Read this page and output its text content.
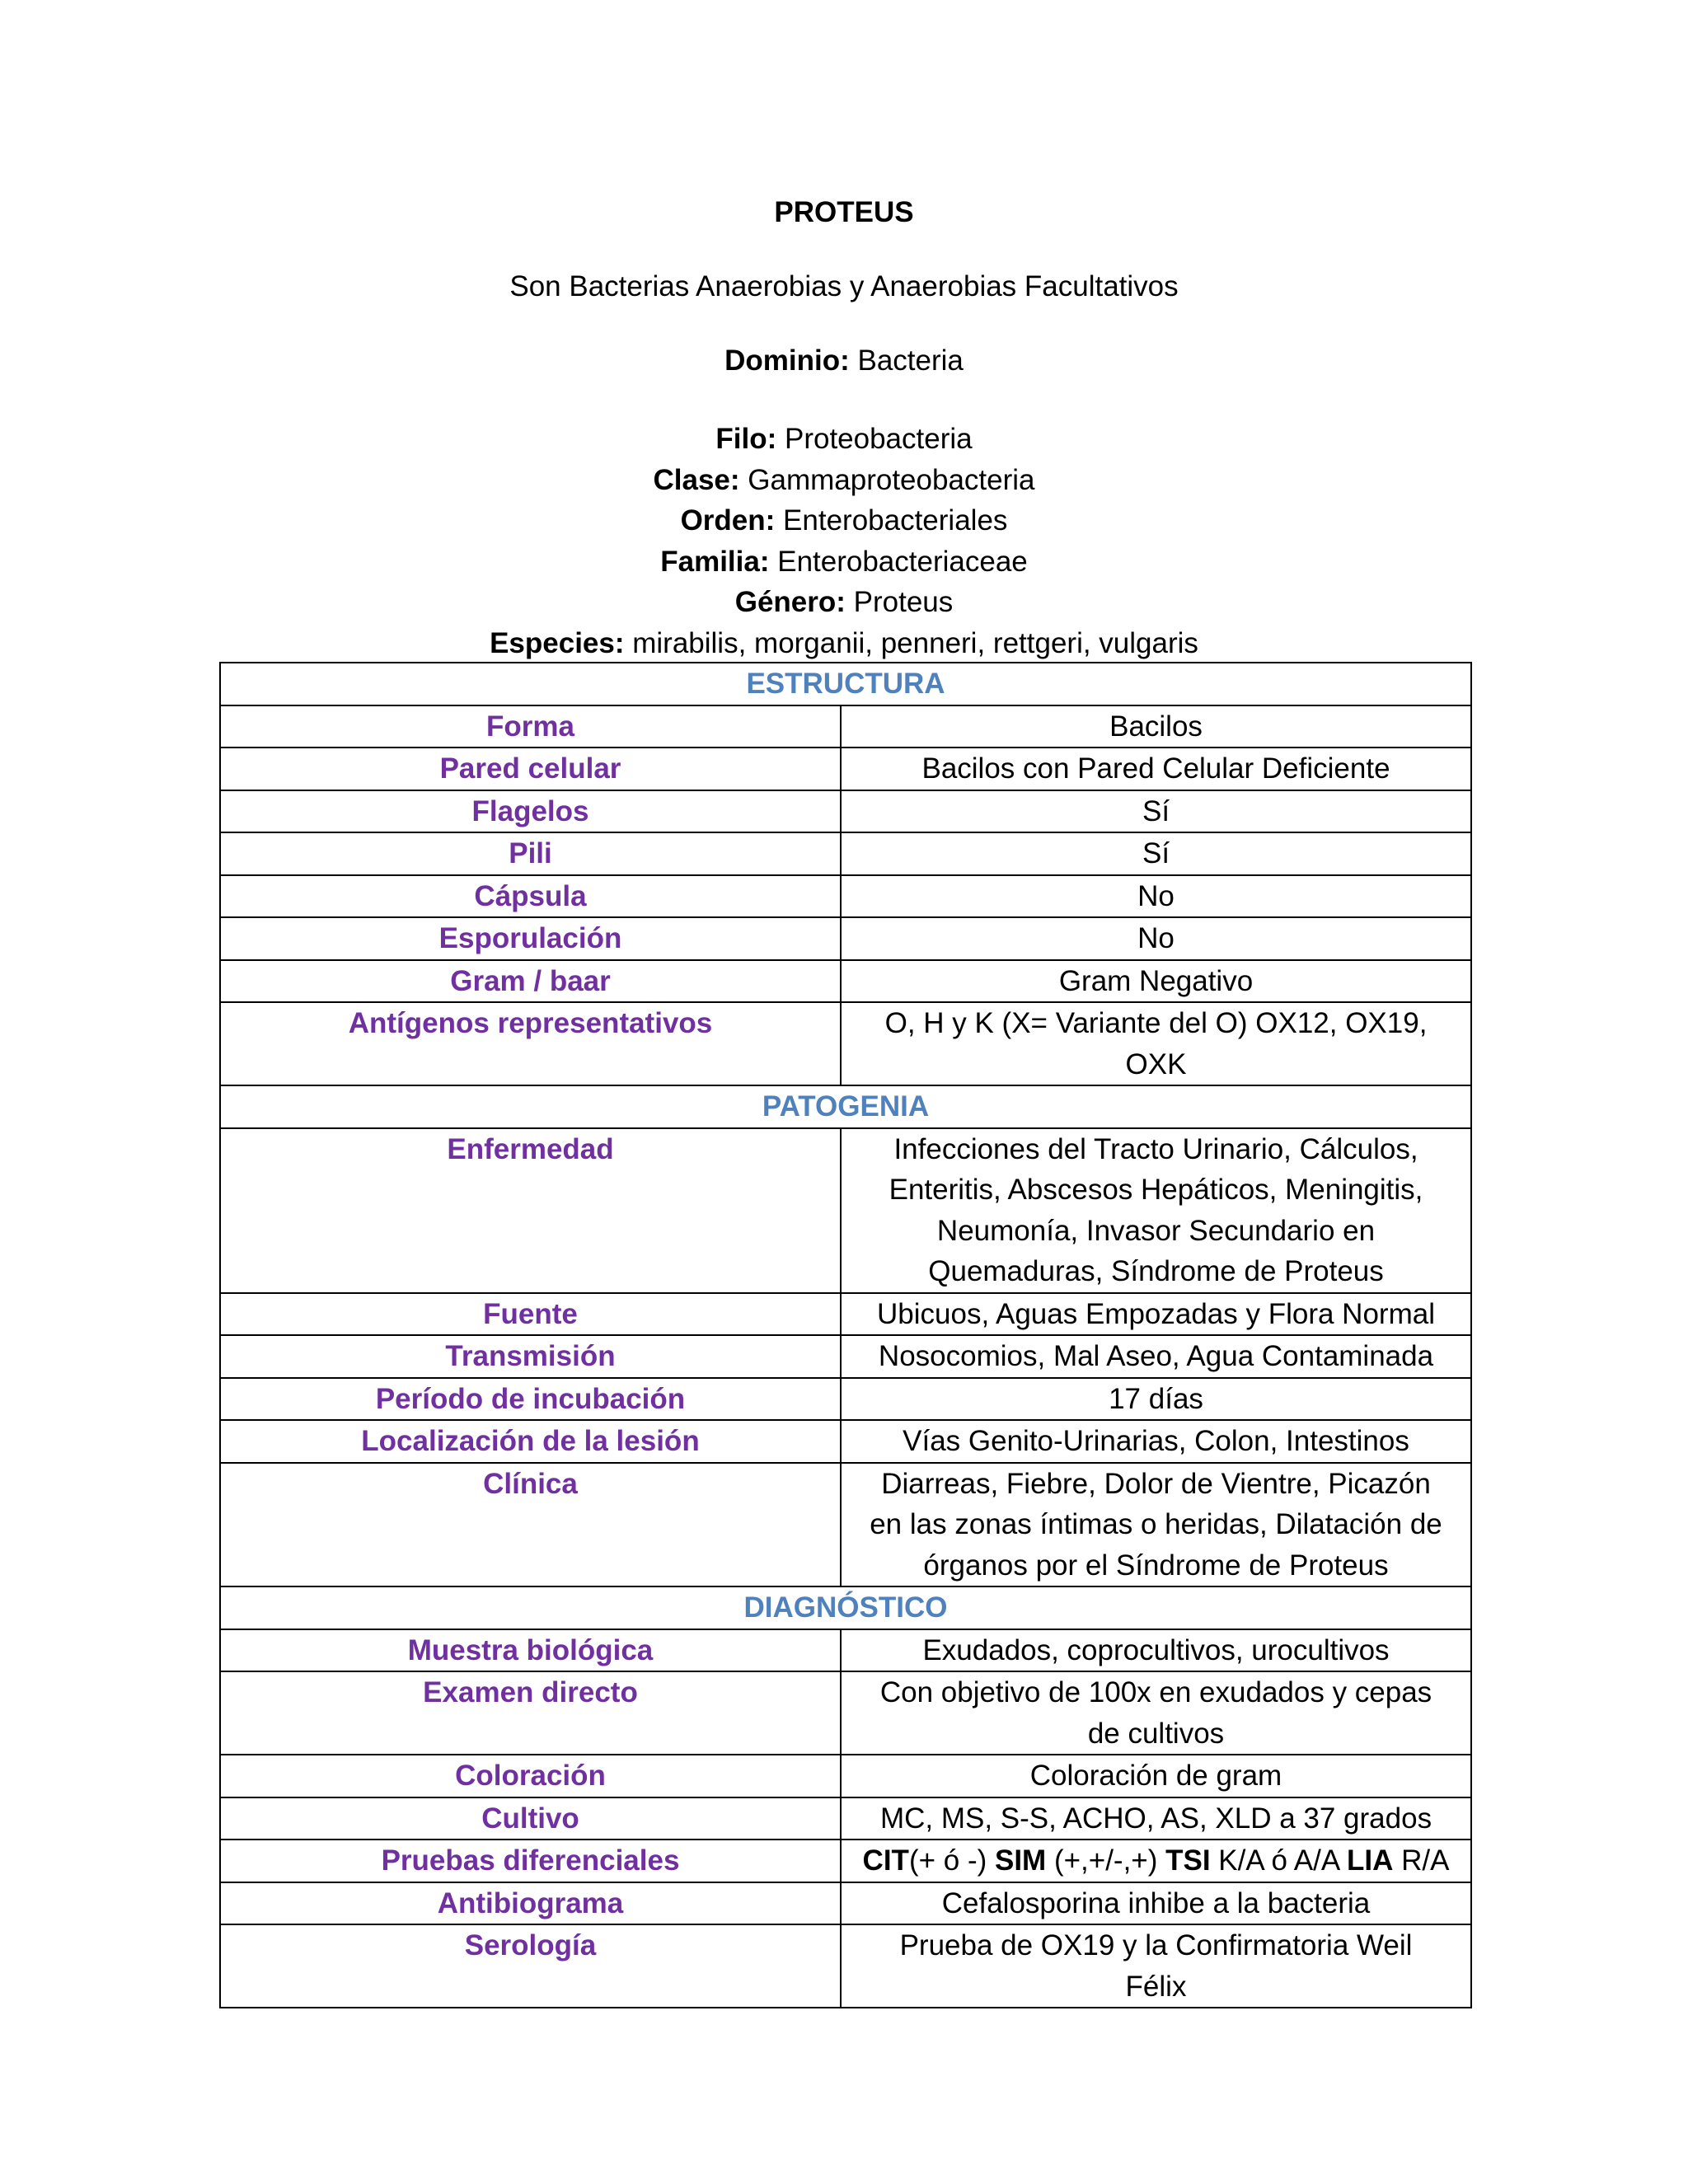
PROTEUS
Son Bacterias Anaerobias y Anaerobias Facultativos
Dominio: Bacteria
Filo: Proteobacteria
Clase: Gammaproteobacteria
Orden: Enterobacteriales
Familia: Enterobacteriaceae
Género: Proteus
Especies: mirabilis, morganii, penneri, rettgeri, vulgaris
ESTRUCTURA	
Forma	Bacilos
Pared celular	Bacilos con Pared Celular Deficiente
Flagelos	Sí
Pili	Sí
Cápsula	No
Esporulación	No
Gram / baar	Gram Negativo
Antígenos representativos	O, H y K (X= Variante del O) OX12, OX19,
OXK

PATOGENIA	
Enfermedad	Infecciones del Tracto Urinario, Cálculos,
Enteritis, Abscesos Hepáticos, Meningitis,
Neumonía, Invasor Secundario en
Quemaduras, Síndrome de Proteus

Fuente	Ubicuos, Aguas Empozadas y Flora Normal
Transmisión	Nosocomios, Mal Aseo, Agua Contaminada
Período de incubación	17 días
Localización de la lesión	Vías Genito-Urinarias, Colon, Intestinos
Clínica	Diarreas, Fiebre, Dolor de Vientre, Picazón
en las zonas íntimas o heridas, Dilatación de
órganos por el Síndrome de Proteus

DIAGNÓSTICO	
Muestra biológica	Exudados, coprocultivos, urocultivos
Examen directo	Con objetivo de 100x en exudados y cepas
de cultivos

Coloración	Coloración de gram
Cultivo	MC, MS, S-S, ACHO, AS, XLD a 37 grados
Pruebas diferenciales	CIT(+ ó -) SIM (+,+/-,+) TSI K/A ó A/A LIA R/A
Antibiograma	Cefalosporina inhibe a la bacteria
Serología	Prueba de OX19 y la Confirmatoria Weil
Félix
